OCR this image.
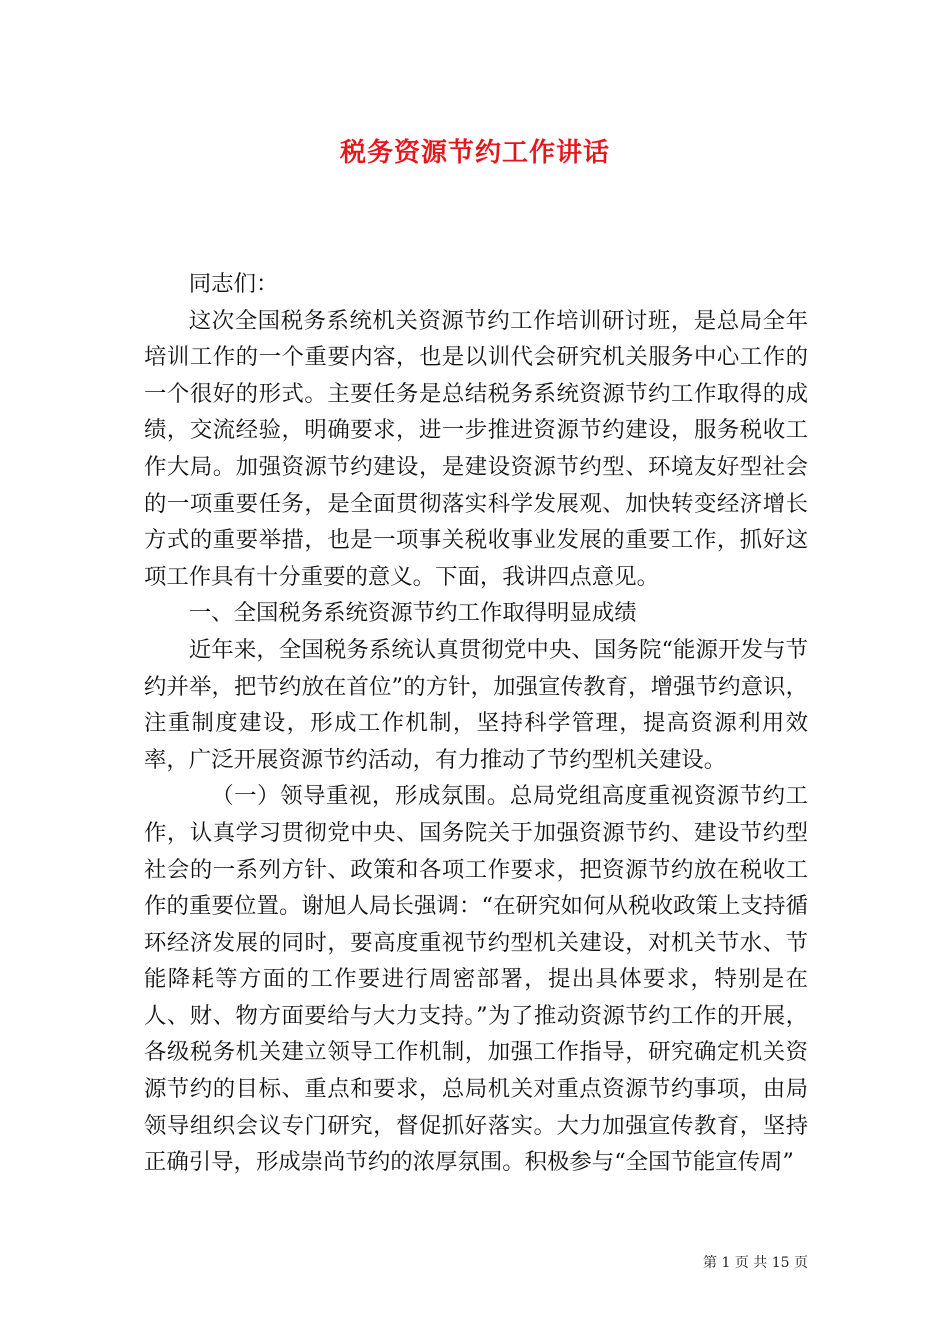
税务资源节约工作讲话

同志们：

这次全国税务系统机关资源节约工作培训研讨班，是总局全年培训工作的一个重要内容，也是以训代会研究机关服务中心工作的一个很好的形式。主要任务是总结税务系统资源节约工作取得的成绩，交流经验，明确要求，进一步推进资源节约建设，服务税收工作大局。加强资源节约建设，是建设资源节约型、环境友好型社会的一项重要任务，是全面贯彻落实科学发展观、加快转变经济增长方式的重要举措，也是一项事关税收事业发展的重要工作，抓好这项工作具有十分重要的意义。下面，我讲四点意见。

一、全国税务系统资源节约工作取得明显成绩

近年来，全国税务系统认真贯彻党中央、国务院“能源开发与节约并举，把节约放在首位”的方针，加强宣传教育，增强节约意识，注重制度建设，形成工作机制，坚持科学管理，提高资源利用效率，广泛开展资源节约活动，有力推动了节约型机关建设。

（一）领导重视，形成氛围。总局党组高度重视资源节约工作，认真学习贯彻党中央、国务院关于加强资源节约、建设节约型社会的一系列方针、政策和各项工作要求，把资源节约放在税收工作的重要位置。谢旭人局长强调：“在研究如何从税收政策上支持循环经济发展的同时，要高度重视节约型机关建设，对机关节水、节能降耗等方面的工作要进行周密部署，提出具体要求，特别是在人、财、物方面要给与大力支持。”为了推动资源节约工作的开展，各级税务机关建立领导工作机制，加强工作指导，研究确定机关资源节约的目标、重点和要求，总局机关对重点资源节约事项，由局领导组织会议专门研究，督促抓好落实。大力加强宣传教育，坚持正确引导，形成崇尚节约的浓厚氛围。积极参与“全国节能宣传周”

第 1 页 共 15 页
